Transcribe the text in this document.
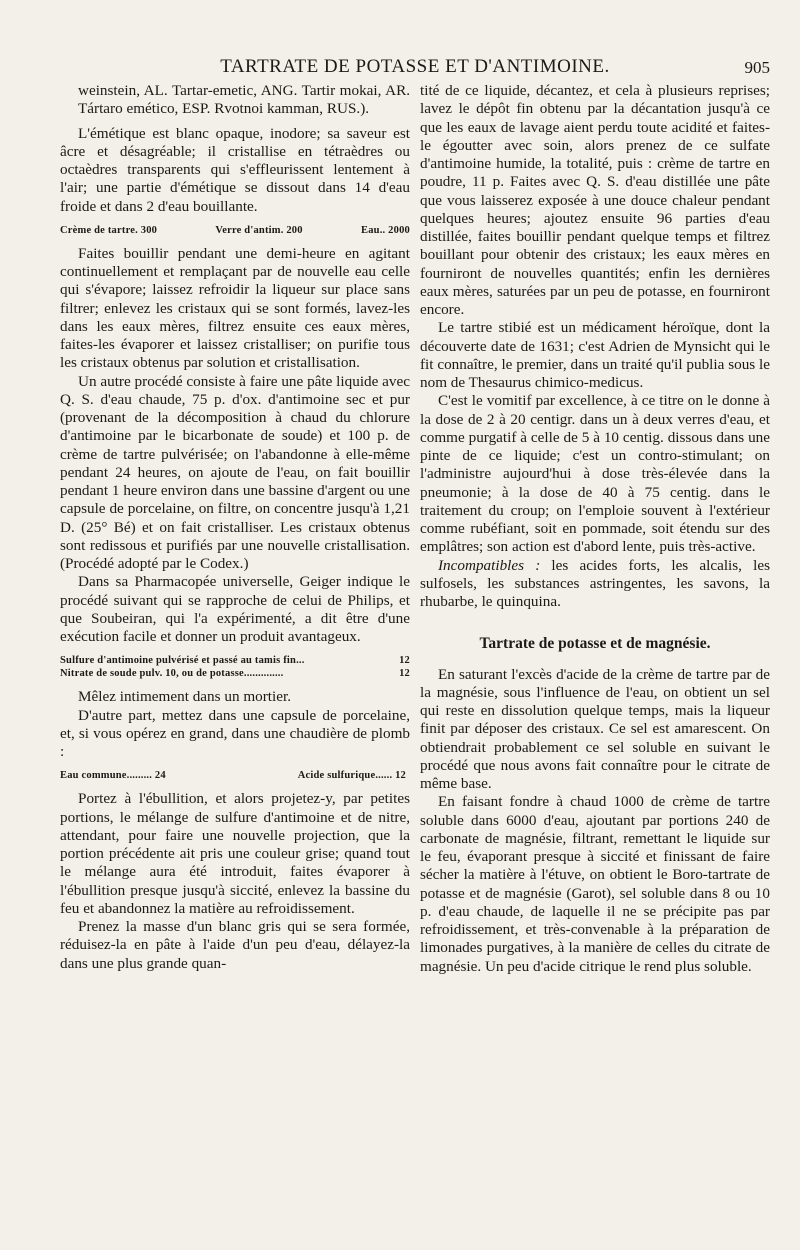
TARTRATE DE POTASSE ET D'ANTIMOINE.	905

weinstein, AL. Tartar-emetic, ANG. Tartir mokai, AR. Tártaro emético, ESP. Rvotnoi kamman, RUS.).

L'émétique est blanc opaque, inodore; sa saveur est âcre et désagréable; il cristallise en tétraèdres ou octaèdres transparents qui s'effleurissent lentement à l'air; une partie d'émétique se dissout dans 14 d'eau froide et dans 2 d'eau bouillante.

Crème de tartre. 300	Verre d'antim. 200	Eau.. 2000

Faites bouillir pendant une demi-heure en agitant continuellement et remplaçant par de nouvelle eau celle qui s'évapore; laissez refroidir la liqueur sur place sans filtrer; enlevez les cristaux qui se sont formés, lavez-les dans les eaux mères, filtrez ensuite ces eaux mères, faites-les évaporer et laissez cristalliser; on purifie tous les cristaux obtenus par solution et cristallisation.

Un autre procédé consiste à faire une pâte liquide avec Q. S. d'eau chaude, 75 p. d'ox. d'antimoine sec et pur (provenant de la décomposition à chaud du chlorure d'antimoine par le bicarbonate de soude) et 100 p. de crème de tartre pulvérisée; on l'abandonne à elle-même pendant 24 heures, on ajoute de l'eau, on fait bouillir pendant 1 heure environ dans une bassine d'argent ou une capsule de porcelaine, on filtre, on concentre jusqu'à 1,21 D. (25° Bé) et on fait cristalliser. Les cristaux obtenus sont redissous et purifiés par une nouvelle cristallisation. (Procédé adopté par le Codex.)

Dans sa Pharmacopée universelle, Geiger indique le procédé suivant qui se rapproche de celui de Philips, et que Soubeiran, qui l'a expérimenté, a dit être d'une exécution facile et donner un produit avantageux.

Sulfure d'antimoine pulvérisé et passé au tamis fin...	12
Nitrate de soude pulv. 10, ou de potasse..............	12

Mêlez intimement dans un mortier.

D'autre part, mettez dans une capsule de porcelaine, et, si vous opérez en grand, dans une chaudière de plomb :

Eau commune......... 24	Acide sulfurique...... 12

Portez à l'ébullition, et alors projetez-y, par petites portions, le mélange de sulfure d'antimoine et de nitre, attendant, pour faire une nouvelle projection, que la portion précédente ait pris une couleur grise; quand tout le mélange aura été introduit, faites évaporer à l'ébullition presque jusqu'à siccité, enlevez la bassine du feu et abandonnez la matière au refroidissement.

Prenez la masse d'un blanc gris qui se sera formée, réduisez-la en pâte à l'aide d'un peu d'eau, délayez-la dans une plus grande quan-

tité de ce liquide, décantez, et cela à plusieurs reprises; lavez le dépôt fin obtenu par la décantation jusqu'à ce que les eaux de lavage aient perdu toute acidité et faites-le égoutter avec soin, alors prenez de ce sulfate d'antimoine humide, la totalité, puis : crème de tartre en poudre, 11 p. Faites avec Q. S. d'eau distillée une pâte que vous laisserez exposée à une douce chaleur pendant quelques heures; ajoutez ensuite 96 parties d'eau distillée, faites bouillir pendant quelque temps et filtrez bouillant pour obtenir des cristaux; les eaux mères en fourniront de nouvelles quantités; enfin les dernières eaux mères, saturées par un peu de potasse, en fourniront encore.

Le tartre stibié est un médicament héroïque, dont la découverte date de 1631; c'est Adrien de Mynsicht qui le fit connaître, le premier, dans un traité qu'il publia sous le nom de Thesaurus chimico-medicus.

C'est le vomitif par excellence, à ce titre on le donne à la dose de 2 à 20 centigr. dans un à deux verres d'eau, et comme purgatif à celle de 5 à 10 centig. dissous dans une pinte de ce liquide; c'est un contro-stimulant; on l'administre aujourd'hui à dose très-élevée dans la pneumonie; à la dose de 40 à 75 centig. dans le traitement du croup; on l'emploie souvent à l'extérieur comme rubéfiant, soit en pommade, soit étendu sur des emplâtres; son action est d'abord lente, puis très-active.

Incompatibles : les acides forts, les alcalis, les sulfosels, les substances astringentes, les savons, la rhubarbe, le quinquina.

Tartrate de potasse et de magnésie.

En saturant l'excès d'acide de la crème de tartre par de la magnésie, sous l'influence de l'eau, on obtient un sel qui reste en dissolution quelque temps, mais la liqueur finit par déposer des cristaux. Ce sel est amarescent. On obtiendrait probablement ce sel soluble en suivant le procédé que nous avons fait connaître pour le citrate de même base.

En faisant fondre à chaud 1000 de crème de tartre soluble dans 6000 d'eau, ajoutant par portions 240 de carbonate de magnésie, filtrant, remettant le liquide sur le feu, évaporant presque à siccité et finissant de faire sécher la matière à l'étuve, on obtient le Boro-tartrate de potasse et de magnésie (Garot), sel soluble dans 8 ou 10 p. d'eau chaude, de laquelle il ne se précipite pas par refroidissement, et très-convenable à la préparation de limonades purgatives, à la manière de celles du citrate de magnésie. Un peu d'acide citrique le rend plus soluble.
